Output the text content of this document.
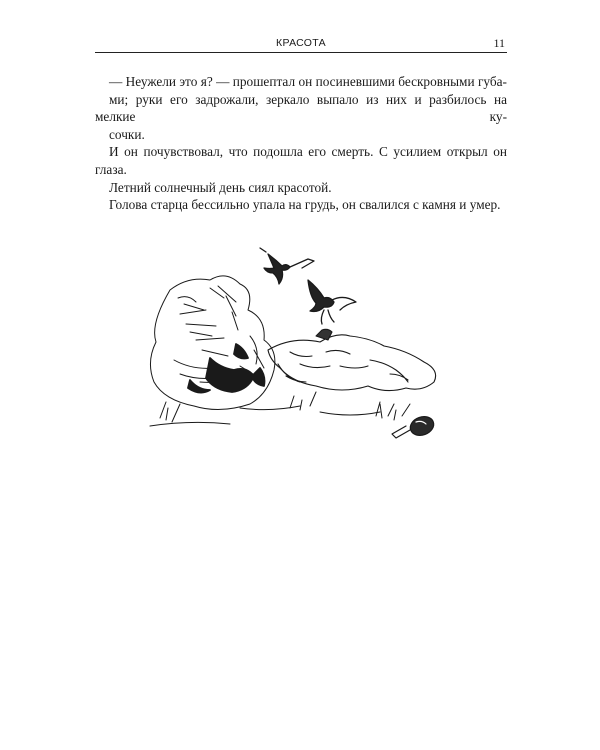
КРАСОТА	11

— Неужели это я? — прошептал он посиневшими бескровными губа-
ми; руки его задрожали, зеркало выпало из них и разбилось на мелкие ку-
сочки.

И он почувствовал, что подошла его смерть. С усилием открыл он глаза.

Летний солнечный день сиял красотой.

Голова старца бессильно упала на грудь, он свалился с камня и умер.
